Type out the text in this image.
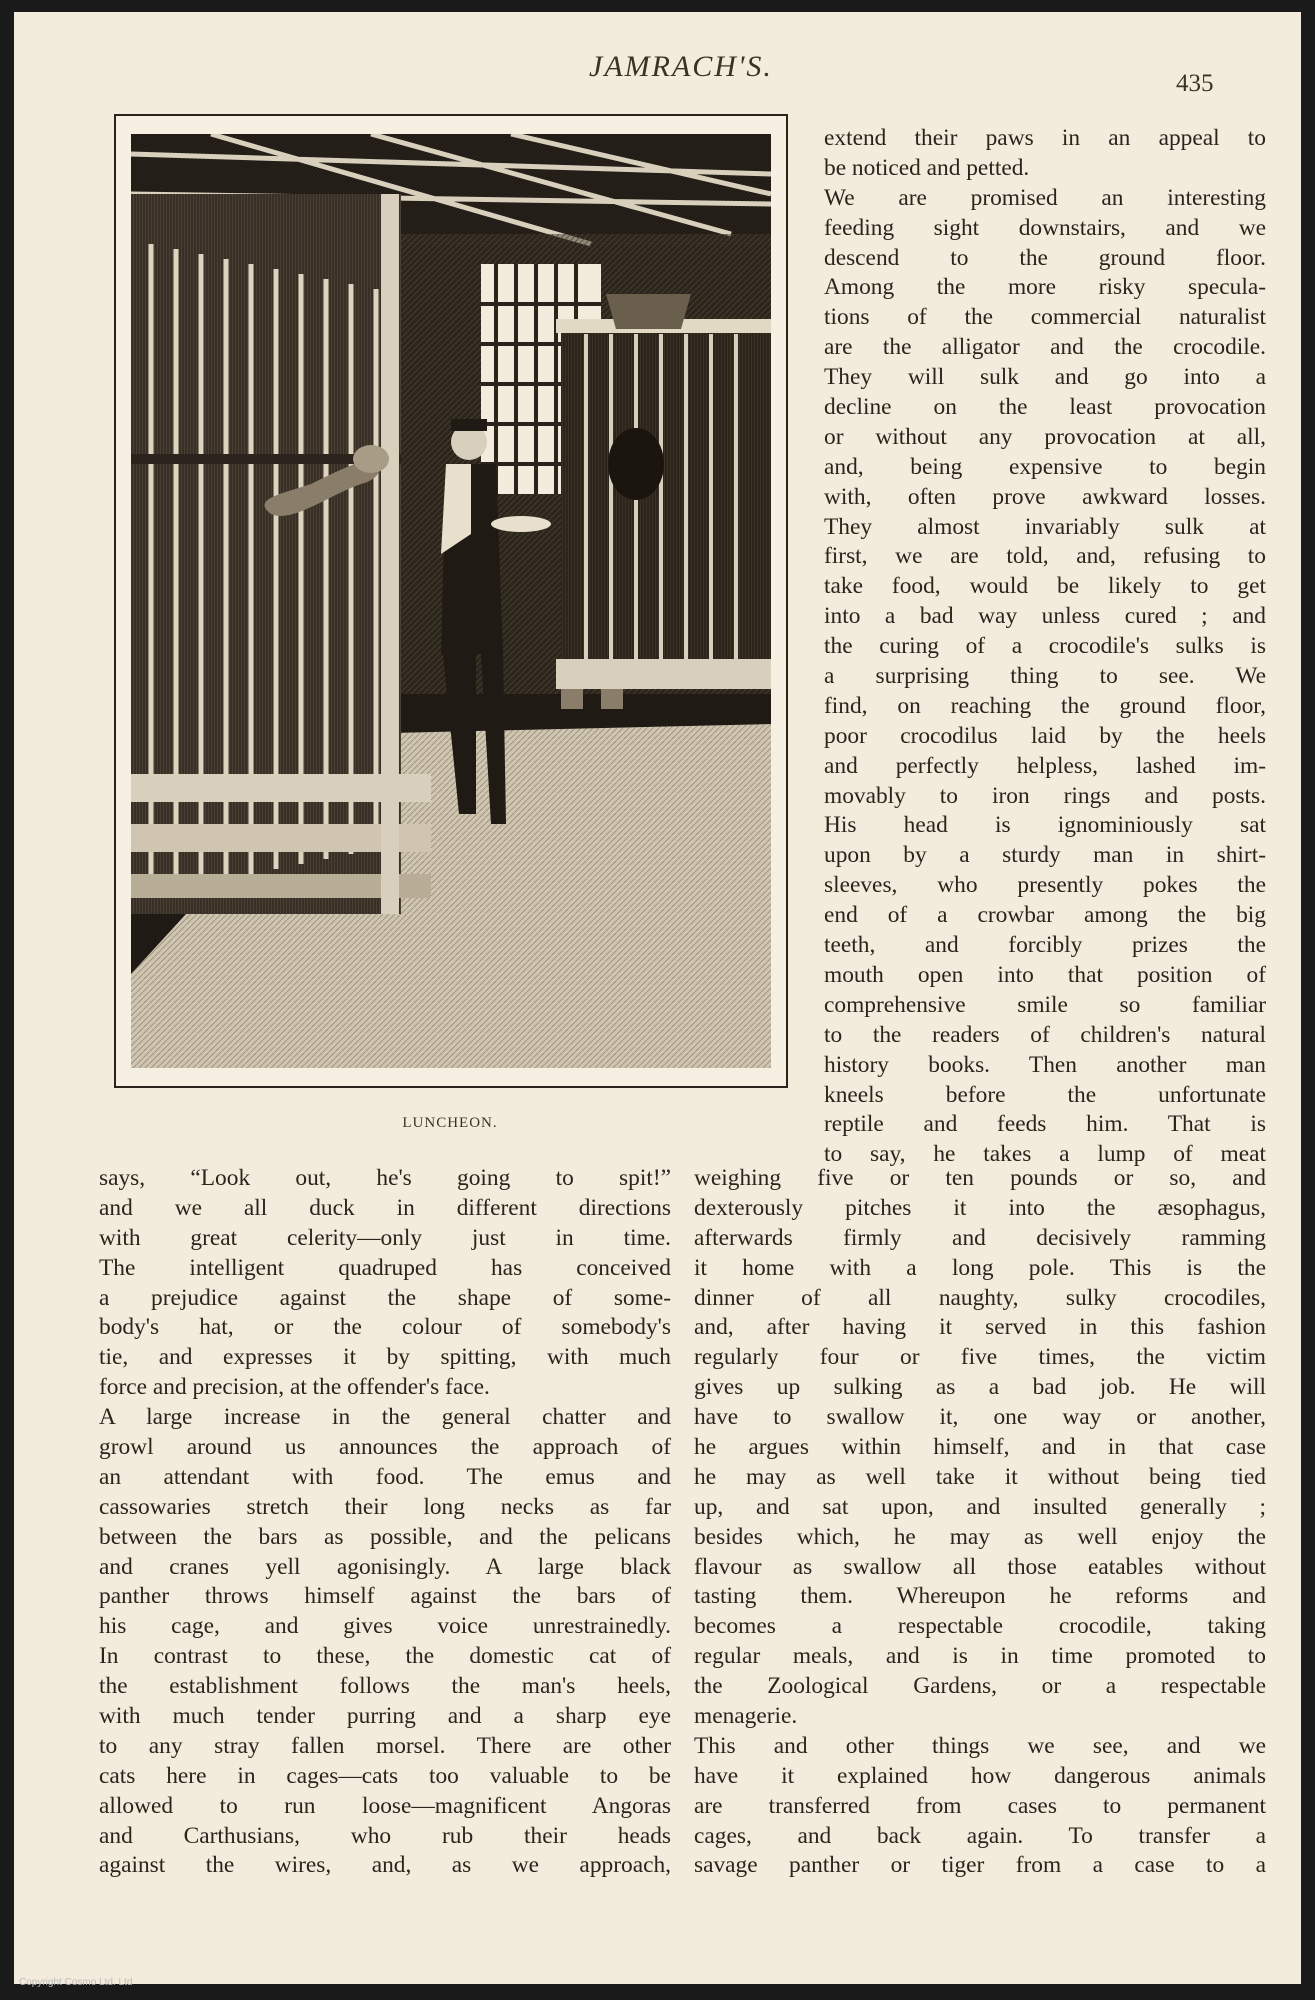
JAMRACH'S.
435
LUNCHEON.
extend their paws in an appeal to
be noticed and petted.
We are promised an interesting
feeding sight downstairs, and we
descend to the ground floor.
Among the more risky specula-
tions of the commercial naturalist
are the alligator and the crocodile.
They will sulk and go into a
decline on the least provocation
or without any provocation at all,
and, being expensive to begin
with, often prove awkward losses.
They almost invariably sulk at
first, we are told, and, refusing to
take food, would be likely to get
into a bad way unless cured ; and
the curing of a crocodile's sulks is
a surprising thing to see. We
find, on reaching the ground floor,
poor crocodilus laid by the heels
and perfectly helpless, lashed im-
movably to iron rings and posts.
His head is ignominiously sat
upon by a sturdy man in shirt-
sleeves, who presently pokes the
end of a crowbar among the big
teeth, and forcibly prizes the
mouth open into that position of
comprehensive smile so familiar
to the readers of children's natural
history books. Then another man
kneels before the unfortunate
reptile and feeds him. That is
to say, he takes a lump of meat
says, “Look out, he's going to spit!”
and we all duck in different directions
with great celerity—only just in time.
The intelligent quadruped has conceived
a prejudice against the shape of some-
body's hat, or the colour of somebody's
tie, and expresses it by spitting, with much
force and precision, at the offender's face.
A large increase in the general chatter and
growl around us announces the approach of
an attendant with food. The emus and
cassowaries stretch their long necks as far
between the bars as possible, and the pelicans
and cranes yell agonisingly. A large black
panther throws himself against the bars of
his cage, and gives voice unrestrainedly.
In contrast to these, the domestic cat of
the establishment follows the man's heels,
with much tender purring and a sharp eye
to any stray fallen morsel. There are other
cats here in cages—cats too valuable to be
allowed to run loose—magnificent Angoras
and Carthusians, who rub their heads
against the wires, and, as we approach,
weighing five or ten pounds or so, and
dexterously pitches it into the æsophagus,
afterwards firmly and decisively ramming
it home with a long pole. This is the
dinner of all naughty, sulky crocodiles,
and, after having it served in this fashion
regularly four or five times, the victim
gives up sulking as a bad job. He will
have to swallow it, one way or another,
he argues within himself, and in that case
he may as well take it without being tied
up, and sat upon, and insulted generally ;
besides which, he may as well enjoy the
flavour as swallow all those eatables without
tasting them. Whereupon he reforms and
becomes a respectable crocodile, taking
regular meals, and is in time promoted to
the Zoological Gardens, or a respectable
menagerie.
This and other things we see, and we
have it explained how dangerous animals
are transferred from cases to permanent
cages, and back again. To transfer a
savage panther or tiger from a case to a
Copyright Cosmo Ltd. Ltd
